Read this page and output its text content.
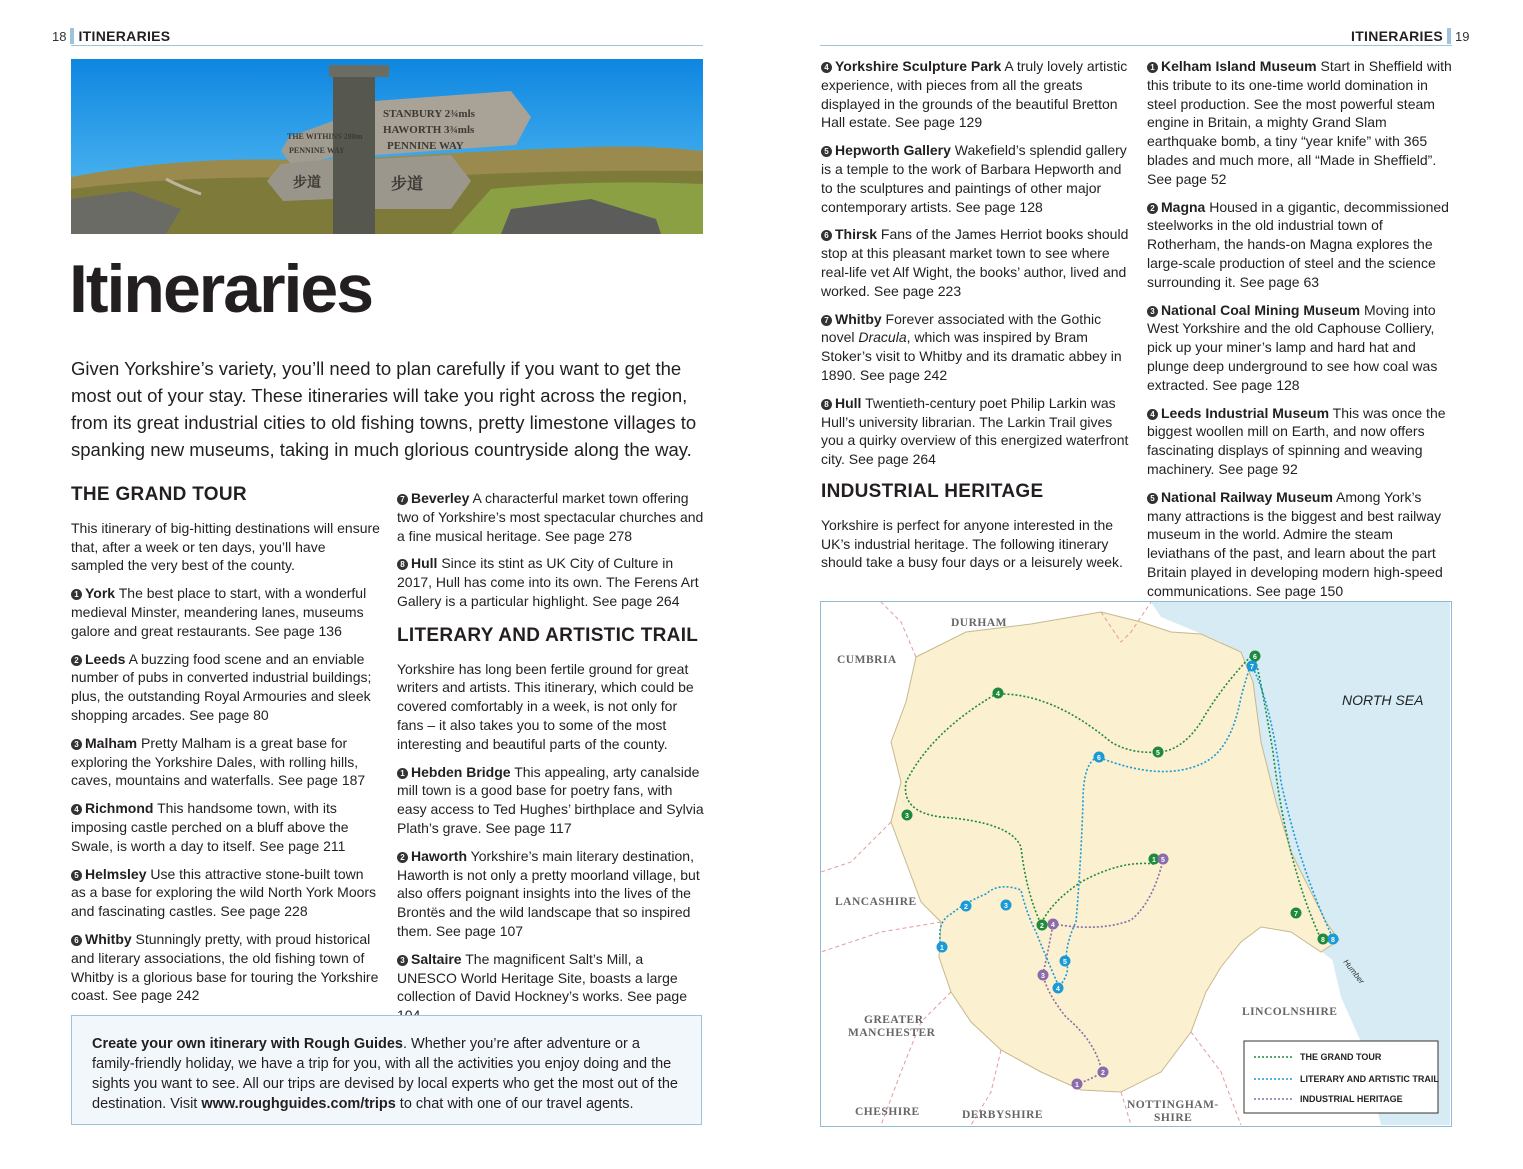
18 ITINERARIES	ITINERARIES 19
STANBURY 2¾mls
HAWORTH 3¾mls
PENNINE WAY
THE WITHINS 200m
PENNINE WAY
步道	步道
Itineraries

Given Yorkshire’s variety, you’ll need to plan carefully if you want to get the most out of your stay. These itineraries will take you right across the region, from its great industrial cities to old fishing towns, pretty limestone villages to spanking new museums, taking in much glorious countryside along the way.

THE GRAND TOUR

This itinerary of big-hitting destinations will ensure that, after a week or ten days, you’ll have sampled the very best of the county.

1 York The best place to start, with a wonderful medieval Minster, meandering lanes, museums galore and great restaurants. See page 136

2 Leeds A buzzing food scene and an enviable number of pubs in converted industrial buildings; plus, the outstanding Royal Armouries and sleek shopping arcades. See page 80

3 Malham Pretty Malham is a great base for exploring the Yorkshire Dales, with rolling hills, caves, mountains and waterfalls. See page 187

4 Richmond This handsome town, with its imposing castle perched on a bluff above the Swale, is worth a day to itself. See page 211

5 Helmsley Use this attractive stone-built town as a base for exploring the wild North York Moors and fascinating castles. See page 228

6 Whitby Stunningly pretty, with proud historical and literary associations, the old fishing town of Whitby is a glorious base for touring the Yorkshire coast. See page 242

7 Beverley A characterful market town offering two of Yorkshire’s most spectacular churches and a fine musical heritage. See page 278

8 Hull Since its stint as UK City of Culture in 2017, Hull has come into its own. The Ferens Art Gallery is a particular highlight. See page 264

LITERARY AND ARTISTIC TRAIL

Yorkshire has long been fertile ground for great writers and artists. This itinerary, which could be covered comfortably in a week, is not only for fans – it also takes you to some of the most interesting and beautiful parts of the county.

1 Hebden Bridge This appealing, arty canalside mill town is a good base for poetry fans, with easy access to Ted Hughes’ birthplace and Sylvia Plath’s grave. See page 117

2 Haworth Yorkshire’s main literary destination, Haworth is not only a pretty moorland village, but also offers poignant insights into the lives of the Brontës and the wild landscape that so inspired them. See page 107

3 Saltaire The magnificent Salt’s Mill, a UNESCO World Heritage Site, boasts a large collection of David Hockney’s works. See page

Create your own itinerary with Rough Guides. Whether you’re after adventure or a family-friendly holiday, we have a trip for you, with all the activities you enjoy doing and the sights you want to see. All our trips are devised by local experts who get the most out of the destination. Visit www.roughguides.com/trips to chat with one of our travel agents.

4 Yorkshire Sculpture Park A truly lovely artistic experience, with pieces from all the greats displayed in the grounds of the beautiful Bretton Hall estate. See page 129

5 Hepworth Gallery Wakefield’s splendid gallery is a temple to the work of Barbara Hepworth and to the sculptures and paintings of other major contemporary artists. See page 128

6 Thirsk Fans of the James Herriot books should stop at this pleasant market town to see where real-life vet Alf Wight, the books’ author, lived and worked. See page 223

7 Whitby Forever associated with the Gothic novel Dracula, which was inspired by Bram Stoker’s visit to Whitby and its dramatic abbey in 1890. See page 242

8 Hull Twentieth-century poet Philip Larkin was Hull’s university librarian. The Larkin Trail gives you a quirky overview of this energized waterfront city. See page 264

INDUSTRIAL HERITAGE

Yorkshire is perfect for anyone interested in the UK’s industrial heritage. The following itinerary should take a busy four days or a leisurely week.

1 Kelham Island Museum Start in Sheffield with this tribute to its one-time world domination in steel production. See the most powerful steam engine in Britain, a mighty Grand Slam earthquake bomb, a tiny “year knife” with 365 blades and much more, all “Made in Sheffield”. See page 52

2 Magna Housed in a gigantic, decommissioned steelworks in the old industrial town of Rotherham, the hands-on Magna explores the large-scale production of steel and the science surrounding it. See page 63

3 National Coal Mining Museum Moving into West Yorkshire and the old Caphouse Colliery, pick up your miner’s lamp and hard hat and plunge deep underground to see how coal was extracted. See page 128

4 Leeds Industrial Museum This was once the biggest woollen mill on Earth, and now offers fascinating displays of spinning and weaving machinery. See page 92

5 National Railway Museum Among York’s many attractions is the biggest and best railway museum in the world. Admire the steam leviathans of the past, and learn about the part Britain played in developing modern high-speed communications. See page 150

DURHAM
CUMBRIA
LANCASHIRE
GREATER
MANCHESTER
CHESHIRE	DERBYSHIRE
NOTTINGHAM-
SHIRE
LINCOLNSHIRE
NORTH SEA
Humber
1
2
3
4
5
6
7
8
1
2	3
4
5
6
7
8
1
2
3
4
5
THE GRAND TOUR
LITERARY AND ARTISTIC TRAIL
INDUSTRIAL HERITAGE
